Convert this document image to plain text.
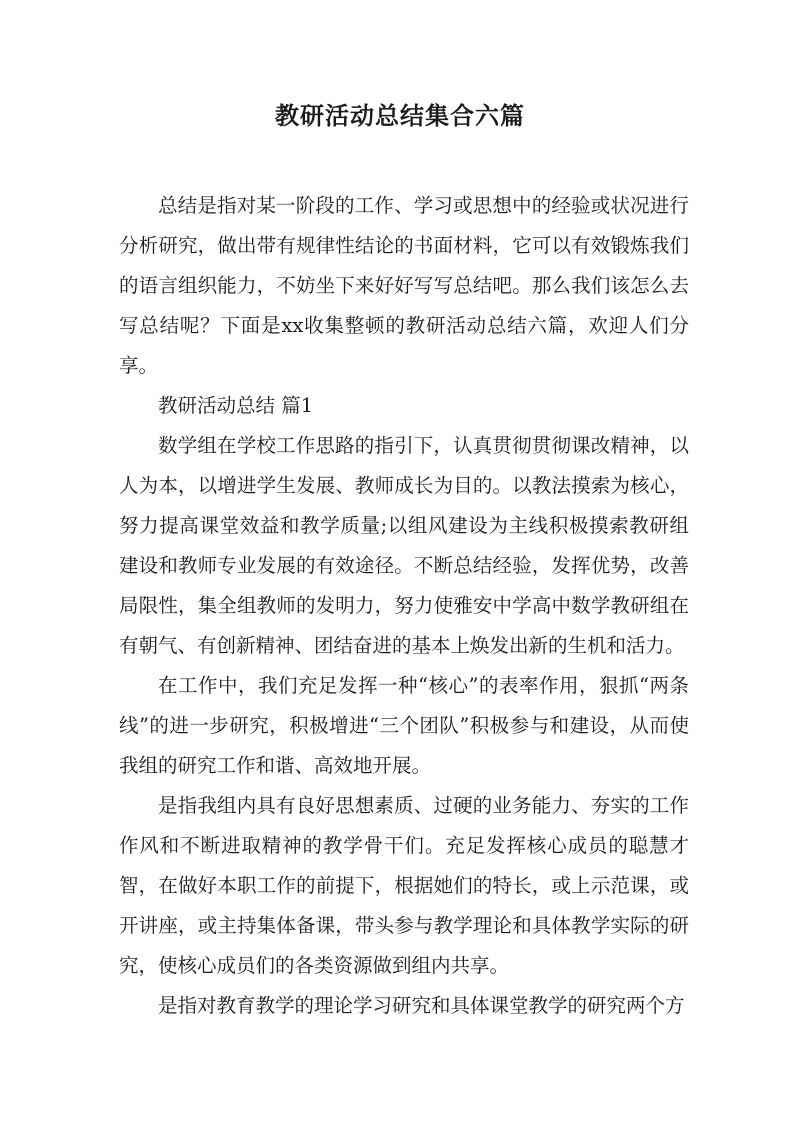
教研活动总结集合六篇

总结是指对某一阶段的工作、学习或思想中的经验或状况进行分析研究，做出带有规律性结论的书面材料，它可以有效锻炼我们的语言组织能力，不妨坐下来好好写写总结吧。那么我们该怎么去写总结呢？下面是xx收集整顿的教研活动总结六篇，欢迎人们分享。

教研活动总结 篇1

数学组在学校工作思路的指引下，认真贯彻贯彻课改精神，以人为本，以增进学生发展、教师成长为目的。以教法摸索为核心，努力提高课堂效益和教学质量;以组风建设为主线积极摸索教研组建设和教师专业发展的有效途径。不断总结经验，发挥优势，改善局限性，集全组教师的发明力，努力使雅安中学高中数学教研组在有朝气、有创新精神、团结奋进的基本上焕发出新的生机和活力。

在工作中，我们充足发挥一种“核心”的表率作用，狠抓“两条线”的进一步研究，积极增进“三个团队”积极参与和建设，从而使我组的研究工作和谐、高效地开展。

是指我组内具有良好思想素质、过硬的业务能力、夯实的工作作风和不断进取精神的教学骨干们。充足发挥核心成员的聪慧才智，在做好本职工作的前提下，根据她们的特长，或上示范课，或开讲座，或主持集体备课，带头参与教学理论和具体教学实际的研究，使核心成员们的各类资源做到组内共享。

是指对教育教学的理论学习研究和具体课堂教学的研究两个方
